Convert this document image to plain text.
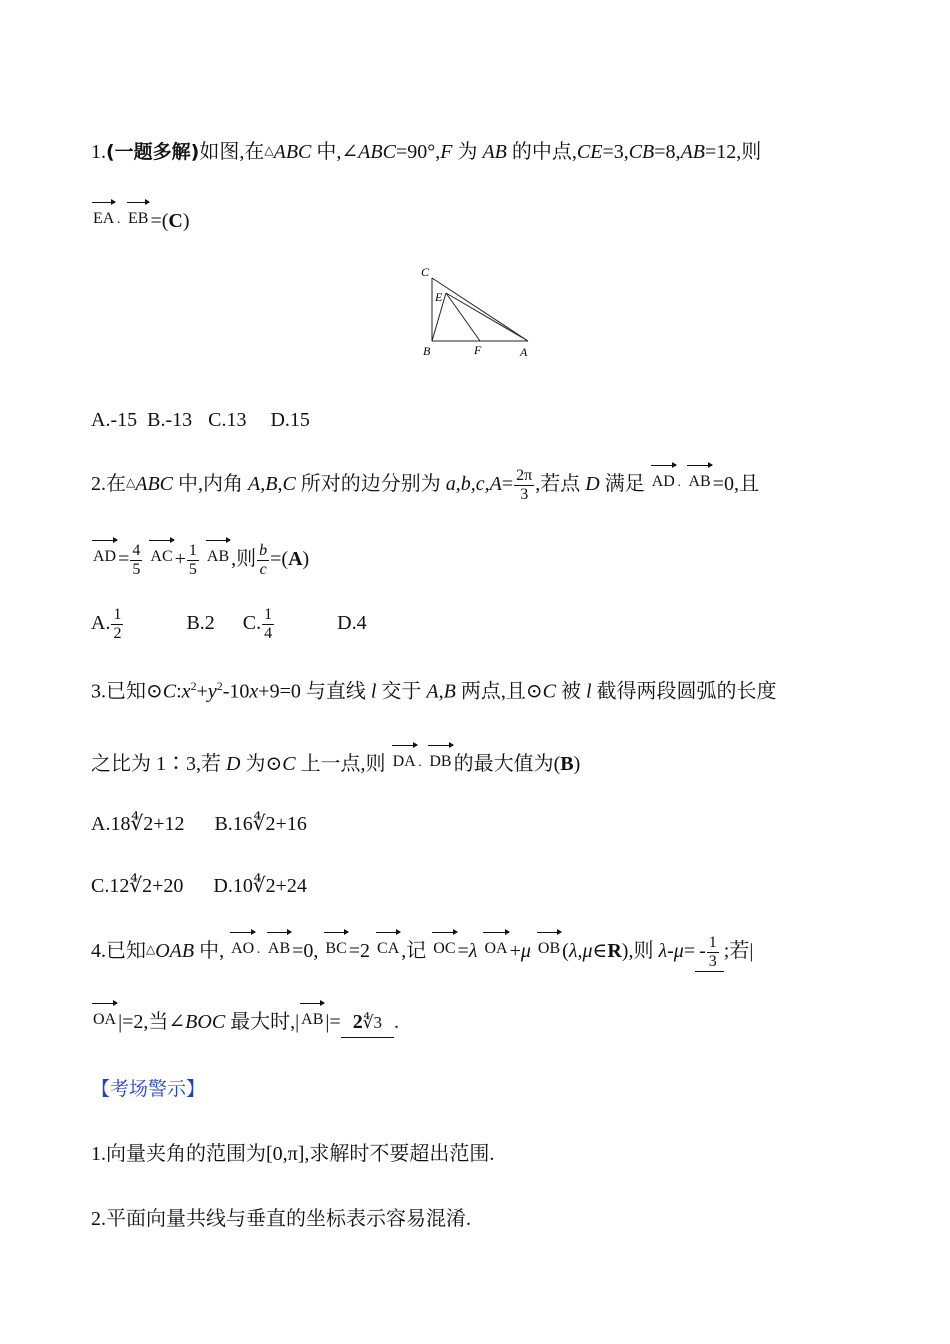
1.(一题多解)如图,在△ABC 中,∠ABC=90°,F 为 AB 的中点,CE=3,CB=8,AB=12,则
EA · EB =(C)
C
E
B	F	A
A.-15 B.-13 C.13 D.15
2.在△ABC 中,内角 A,B,C 所对的边分别为 $a,b,c,A= \frac{2\pi}{3}$ ,若点 D 满足 AD · AB =0,且
AD = $\frac{4}{5}$ AC + $\frac{1}{5}$ AB ,则 $\frac{b}{c} =(A)$
A. $\frac{1}{2}$	B.2 C. $\frac{1}{4}$	D.4
3.已知$⊙C:x^2+y^2-10x+9=0$ 与直线 l 交于 A,B 两点,且⊙C 被 l 截得两段圆弧的长度
之比为 1∶3,若 D 为⊙C 上一点,则 DA · DB 的最大值为(B)
A.18∜2+12 B.16∜2+16
C.12∜2+20 D.10∜2+24
4.已知△OAB 中, AO · AB =0, BC =2 CA ,记 OC =λ OA +μ OB (λ,μ∈R),则 $\lambda-\mu= - \frac{1}{3}$ ;若|
OA |=2,当∠BOC 最大时,| AB |= 2∜3 .
【考场警示】
1.向量夹角的范围为[0,π],求解时不要超出范围.
2.平面向量共线与垂直的坐标表示容易混淆.
